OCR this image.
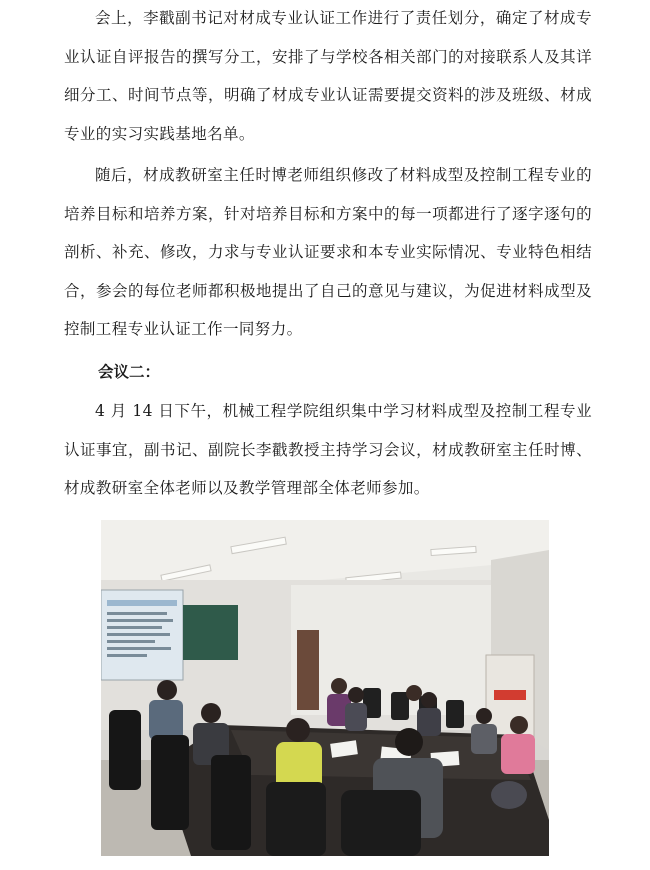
会上，李戳副书记对材成专业认证工作进行了责任划分，确定了材成专业认证自评报告的撰写分工，安排了与学校各相关部门的对接联系人及其详细分工、时间节点等，明确了材成专业认证需要提交资料的涉及班级、材成专业的实习实践基地名单。

随后，材成教研室主任时博老师组织修改了材料成型及控制工程专业的培养目标和培养方案，针对培养目标和方案中的每一项都进行了逐字逐句的剖析、补充、修改，力求与专业认证要求和本专业实际情况、专业特色相结合，参会的每位老师都积极地提出了自己的意见与建议，为促进材料成型及控制工程专业认证工作一同努力。

会议二：

4 月 14 日下午，机械工程学院组织集中学习材料成型及控制工程专业认证事宜，副书记、副院长李戳教授主持学习会议，材成教研室主任时博、材成教研室全体老师以及教学管理部全体老师参加。
